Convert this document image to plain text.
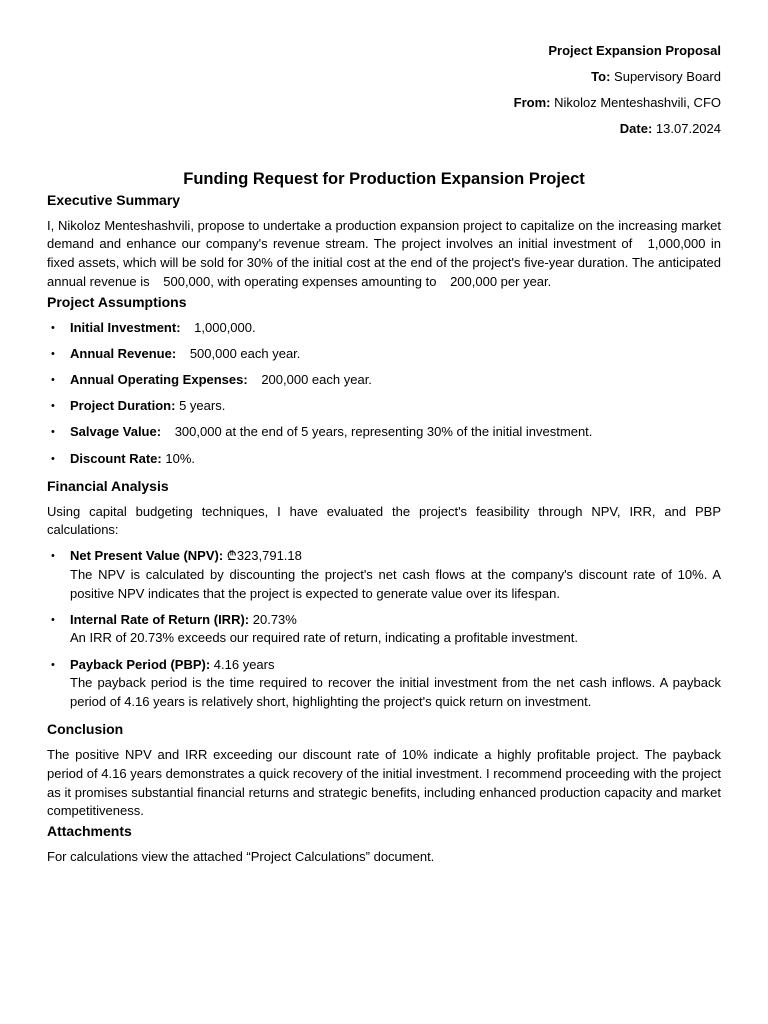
Project Expansion Proposal
To: Supervisory Board
From: Nikoloz Menteshashvili, CFO
Date: 13.07.2024
Funding Request for Production Expansion Project
Executive Summary

I, Nikoloz Menteshashvili, propose to undertake a production expansion project to capitalize on the increasing market demand and enhance our company's revenue stream. The project involves an initial investment of 1,000,000 in fixed assets, which will be sold for 30% of the initial cost at the end of the project's five-year duration. The anticipated annual revenue is 500,000, with operating expenses amounting to 200,000 per year.

Project Assumptions
• Initial Investment: 1,000,000.
• Annual Revenue: 500,000 each year.
• Annual Operating Expenses: 200,000 each year.
• Project Duration: 5 years.
• Salvage Value: 300,000 at the end of 5 years, representing 30% of the initial investment.
• Discount Rate: 10%.
Financial Analysis

Using capital budgeting techniques, I have evaluated the project's feasibility through NPV, IRR, and PBP calculations:

• Net Present Value (NPV): ₾323,791.18
The NPV is calculated by discounting the project's net cash flows at the company's discount rate of 10%. A positive NPV indicates that the project is expected to generate value over its lifespan.
• Internal Rate of Return (IRR): 20.73%
An IRR of 20.73% exceeds our required rate of return, indicating a profitable investment.
• Payback Period (PBP): 4.16 years
The payback period is the time required to recover the initial investment from the net cash inflows. A payback period of 4.16 years is relatively short, highlighting the project's quick return on investment.
Conclusion

The positive NPV and IRR exceeding our discount rate of 10% indicate a highly profitable project. The payback period of 4.16 years demonstrates a quick recovery of the initial investment. I recommend proceeding with the project as it promises substantial financial returns and strategic benefits, including enhanced production capacity and market competitiveness.

Attachments

For calculations view the attached “Project Calculations” document.
